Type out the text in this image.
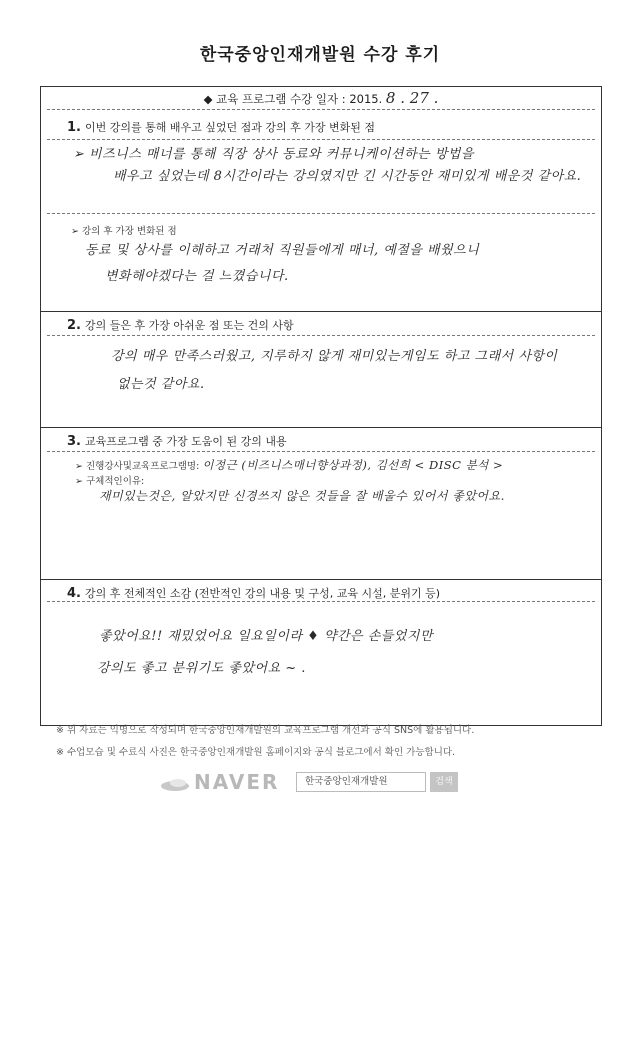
한국중앙인재개발원 수강 후기
◆ 교육 프로그램 수강 일자 : 2015. 8 . 27 .
1. 이번 강의를 통해 배우고 싶었던 점과 강의 후 가장 변화된 점
➢ 비즈니스 매너를 통해 직장 상사 동료와 커뮤니케이션하는 방법을
배우고 싶었는데 8시간이라는 강의였지만 긴 시간동안 재미있게 배운것 같아요.
➢ 강의 후 가장 변화된 점
동료 및 상사를 이해하고 거래처 직원들에게 매너, 예절을 배웠으니
변화해야겠다는 걸 느꼈습니다.
2. 강의 들은 후 가장 아쉬운 점 또는 건의 사항
강의 매우 만족스러웠고, 지루하지 않게 재미있는게임도 하고 그래서 사항이
없는것 같아요.
3. 교육프로그램 중 가장 도움이 된 강의 내용
➢ 진행강사및교육프로그램명: 이정근 (비즈니스매너향상과정), 김선희 < DISC 분석 >
➢ 구체적인이유:
재미있는것은, 알았지만 신경쓰지 않은 것들을 잘 배울수 있어서 좋았어요.
4. 강의 후 전체적인 소감 (전반적인 강의 내용 및 구성, 교육 시설, 분위기 등)
좋았어요!! 재밌었어요 일요일이라 ♦ 약간은 손들었지만
강의도 좋고 분위기도 좋았어요 ~ .
※ 위 자료는 익명으로 작성되며 한국중앙인재개발원의 교육프로그램 개선과 공식 SNS에 활용됩니다.
※ 수업모습 및 수료식 사진은 한국중앙인재개발원 홈페이지와 공식 블로그에서 확인 가능합니다.
NAVER	한국중앙인재개발원	검색
